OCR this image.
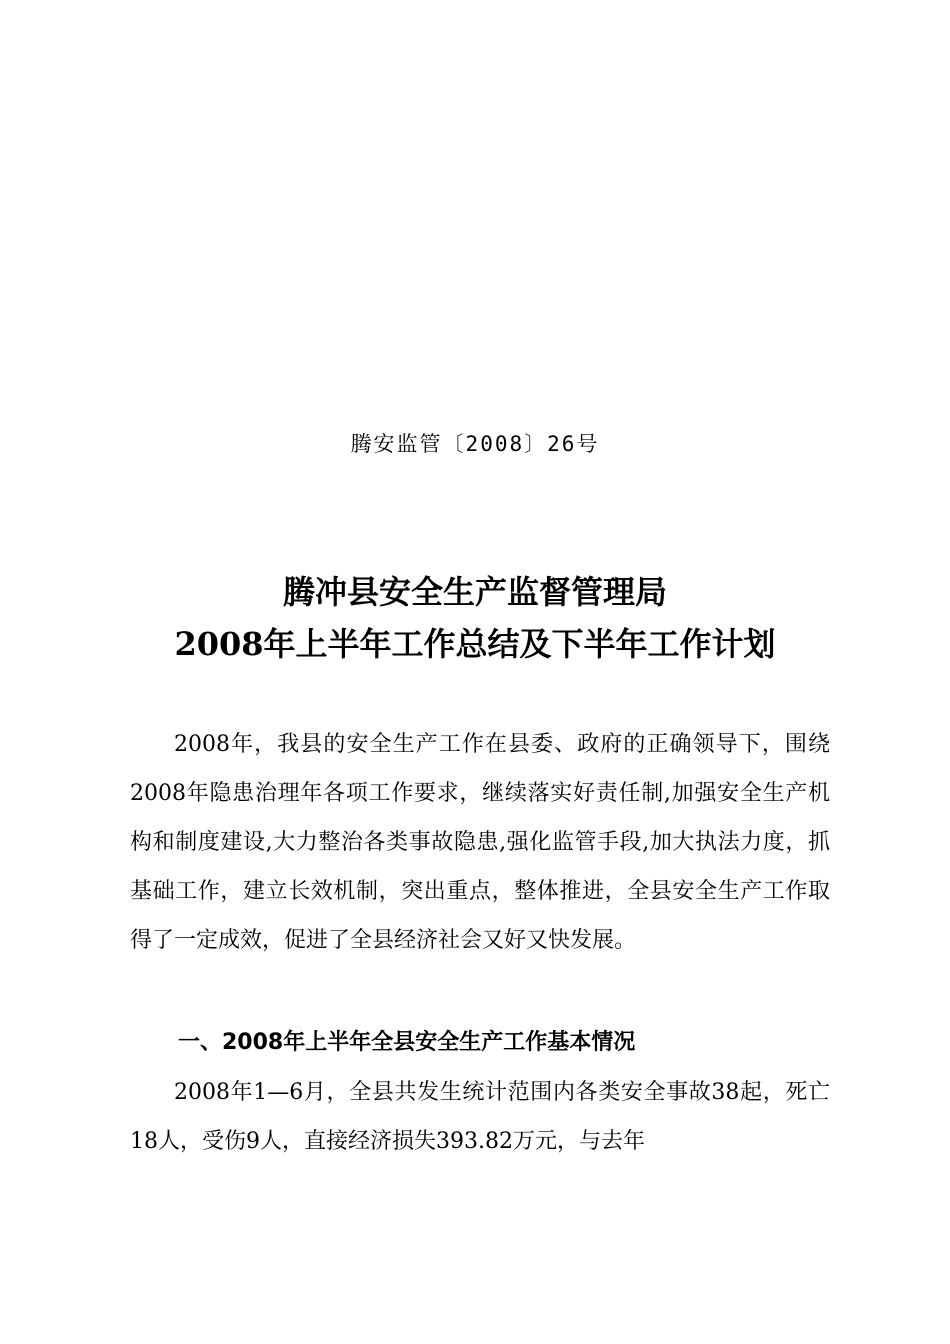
腾安监管〔2008〕26号
腾冲县安全生产监督管理局
2008年上半年工作总结及下半年工作计划
2008年，我县的安全生产工作在县委、政府的正确领导下，围绕2008年隐患治理年各项工作要求，继续落实好责任制,加强安全生产机构和制度建设,大力整治各类事故隐患,强化监管手段,加大执法力度，抓基础工作，建立长效机制，突出重点，整体推进，全县安全生产工作取得了一定成效，促进了全县经济社会又好又快发展。
一、2008年上半年全县安全生产工作基本情况
2008年1—6月，全县共发生统计范围内各类安全事故38起，死亡18人，受伤9人，直接经济损失393.82万元，与去年
